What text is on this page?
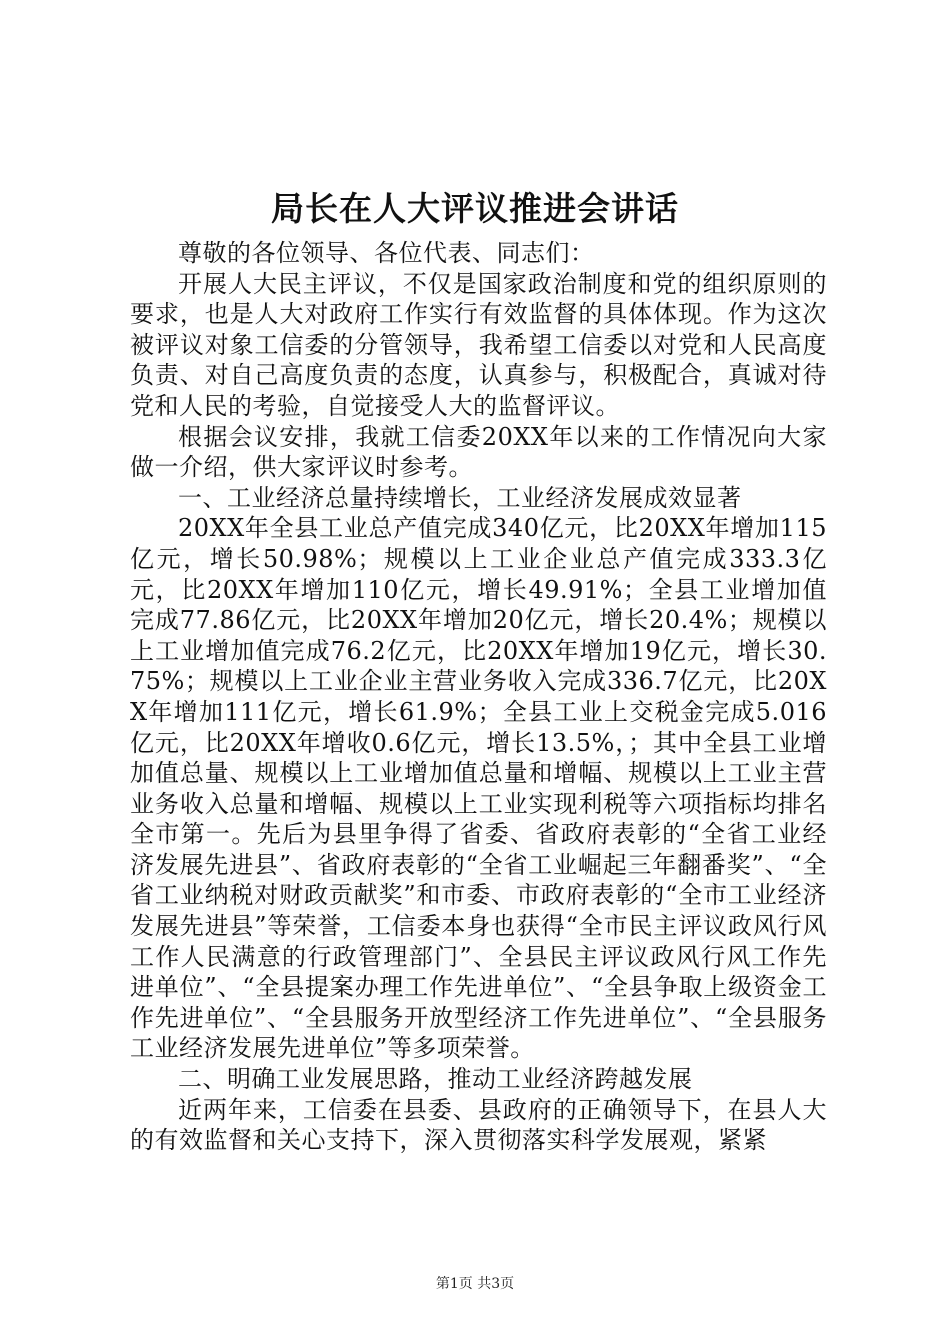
局长在人大评议推进会讲话

尊敬的各位领导、各位代表、同志们：

开展人大民主评议，不仅是国家政治制度和党的组织原则的要求，也是人大对政府工作实行有效监督的具体体现。作为这次被评议对象工信委的分管领导，我希望工信委以对党和人民高度负责、对自己高度负责的态度，认真参与，积极配合，真诚对待党和人民的考验，自觉接受人大的监督评议。

根据会议安排，我就工信委20XX年以来的工作情况向大家做一介绍，供大家评议时参考。

一、工业经济总量持续增长，工业经济发展成效显著

20XX年全县工业总产值完成340亿元，比20XX年增加115亿元，增长50.98%；规模以上工业企业总产值完成333.3亿元，比20XX年增加110亿元，增长49.91%；全县工业增加值完成77.86亿元，比20XX年增加20亿元，增长20.4%；规模以上工业增加值完成76.2亿元，比20XX年增加19亿元，增长30.75%；规模以上工业企业主营业务收入完成336.7亿元，比20XX年增加111亿元，增长61.9%；全县工业上交税金完成5.016亿元，比20XX年增收0.6亿元，增长13.5%，；其中全县工业增加值总量、规模以上工业增加值总量和增幅、规模以上工业主营业务收入总量和增幅、规模以上工业实现利税等六项指标均排名全市第一。先后为县里争得了省委、省政府表彰的“全省工业经济发展先进县”、省政府表彰的“全省工业崛起三年翻番奖”、“全省工业纳税对财政贡献奖”和市委、市政府表彰的“全市工业经济发展先进县”等荣誉，工信委本身也获得“全市民主评议政风行风工作人民满意的行政管理部门”、全县民主评议政风行风工作先进单位”、“全县提案办理工作先进单位”、“全县争取上级资金工作先进单位”、“全县服务开放型经济工作先进单位”、“全县服务工业经济发展先进单位”等多项荣誉。

二、明确工业发展思路，推动工业经济跨越发展

近两年来，工信委在县委、县政府的正确领导下，在县人大的有效监督和关心支持下，深入贯彻落实科学发展观，紧紧

第1页 共3页
